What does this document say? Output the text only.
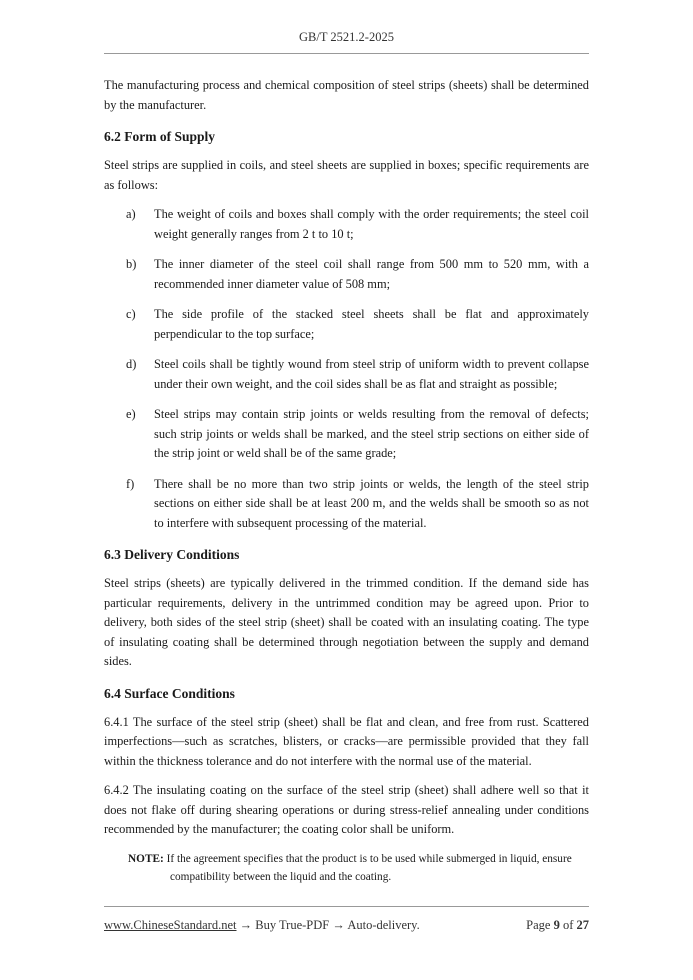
GB/T 2521.2-2025

The manufacturing process and chemical composition of steel strips (sheets) shall be determined by the manufacturer.

6.2 Form of Supply

Steel strips are supplied in coils, and steel sheets are supplied in boxes; specific requirements are as follows:

a)	The weight of coils and boxes shall comply with the order requirements; the steel coil weight generally ranges from 2 t to 10 t;
b)	The inner diameter of the steel coil shall range from 500 mm to 520 mm, with a recommended inner diameter value of 508 mm;
c)	The side profile of the stacked steel sheets shall be flat and approximately perpendicular to the top surface;
d)	Steel coils shall be tightly wound from steel strip of uniform width to prevent collapse under their own weight, and the coil sides shall be as flat and straight as possible;
e)	Steel strips may contain strip joints or welds resulting from the removal of defects; such strip joints or welds shall be marked, and the steel strip sections on either side of the strip joint or weld shall be of the same grade;
f)	There shall be no more than two strip joints or welds, the length of the steel strip sections on either side shall be at least 200 m, and the welds shall be smooth so as not to interfere with subsequent processing of the material.
6.3 Delivery Conditions

Steel strips (sheets) are typically delivered in the trimmed condition. If the demand side has particular requirements, delivery in the untrimmed condition may be agreed upon. Prior to delivery, both sides of the steel strip (sheet) shall be coated with an insulating coating. The type of insulating coating shall be determined through negotiation between the supply and demand sides.

6.4 Surface Conditions

6.4.1 The surface of the steel strip (sheet) shall be flat and clean, and free from rust. Scattered imperfections—such as scratches, blisters, or cracks—are permissible provided that they fall within the thickness tolerance and do not interfere with the normal use of the material.

6.4.2 The insulating coating on the surface of the steel strip (sheet) shall adhere well so that it does not flake off during shearing operations or during stress-relief annealing under conditions recommended by the manufacturer; the coating color shall be uniform.

NOTE: If the agreement specifies that the product is to be used while submerged in liquid, ensure
compatibility between the liquid and the coating.
www.ChineseStandard.net → Buy True-PDF → Auto-delivery.	Page 9 of 27
